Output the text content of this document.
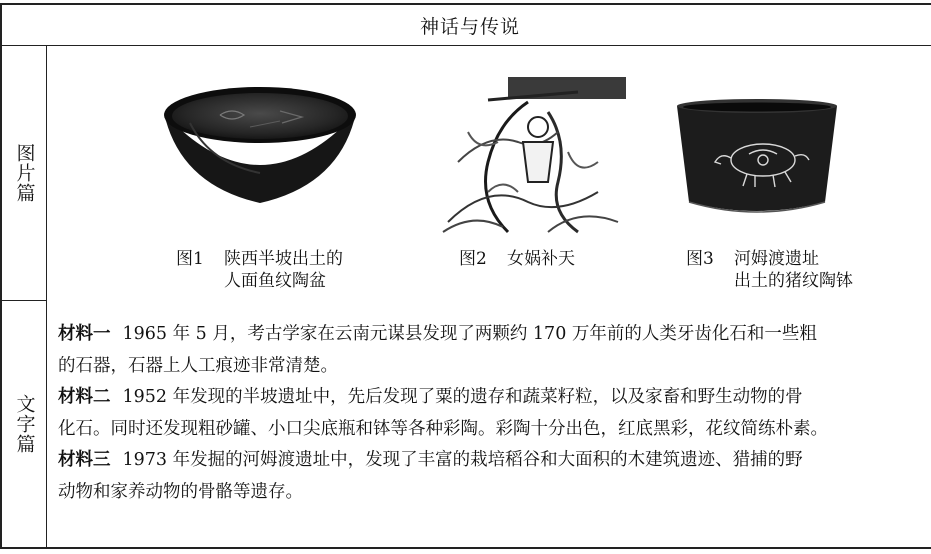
神话与传说
图片篇
文字篇
图1 陕西半坡出土的
人面鱼纹陶盆
图2 女娲补天	图3 河姆渡遗址
出土的猪纹陶钵

材料一 1965 年 5 月，考古学家在云南元谋县发现了两颗约 170 万年前的人类牙齿化石和一些粗
的石器，石器上人工痕迹非常清楚。

材料二 1952 年发现的半坡遗址中，先后发现了粟的遗存和蔬菜籽粒，以及家畜和野生动物的骨
化石。同时还发现粗砂罐、小口尖底瓶和钵等各种彩陶。彩陶十分出色，红底黑彩，花纹简练朴素。

材料三 1973 年发掘的河姆渡遗址中，发现了丰富的栽培稻谷和大面积的木建筑遗迹、猎捕的野
动物和家养动物的骨骼等遗存。
